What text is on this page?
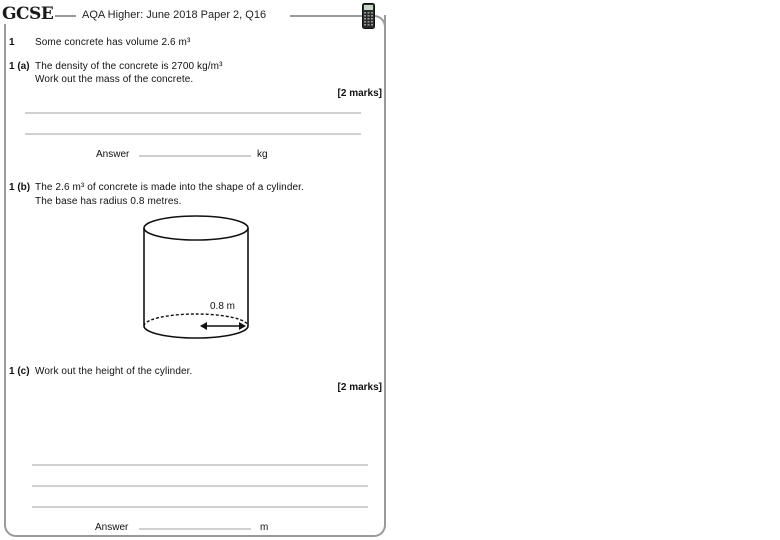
GCSE	AQA Higher: June 2018 Paper 2, Q16
1 Some concrete has volume 2.6 m³
1 (a) The density of the concrete is 2700 kg/m³
Work out the mass of the concrete.
[2 marks]
Answer	kg
1 (b) The 2.6 m³ of concrete is made into the shape of a cylinder.
The base has radius 0.8 metres.
0.8 m
1 (c) Work out the height of the cylinder.
[2 marks]
Answer	m
